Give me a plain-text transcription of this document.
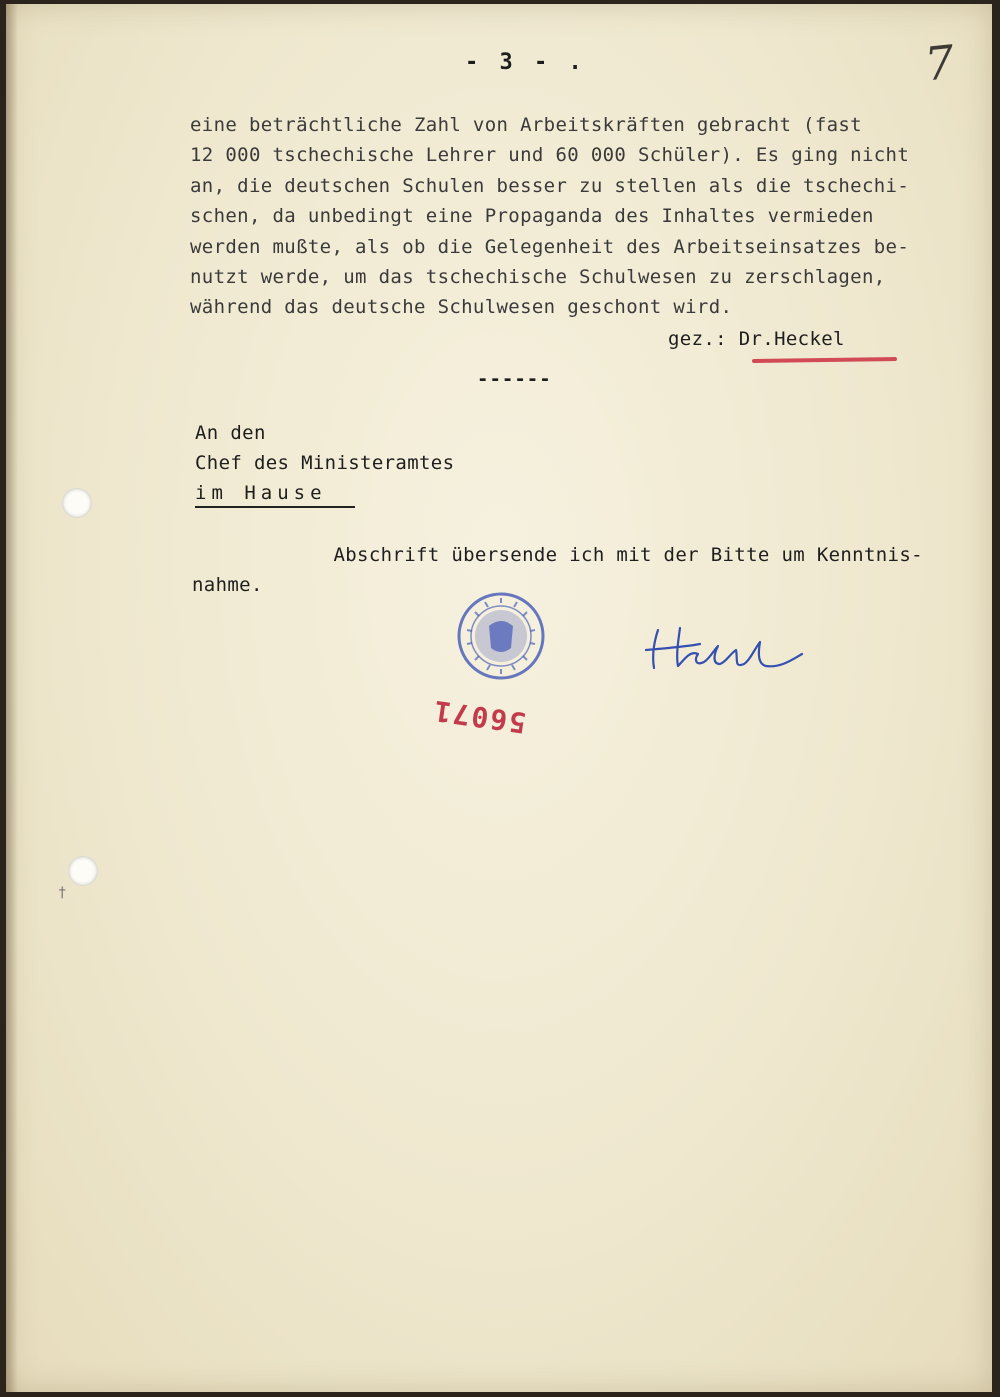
- 3 - .	7

eine beträchtliche Zahl von Arbeitskräften gebracht (fast
12 000 tschechische Lehrer und 60 000 Schüler). Es ging nicht
an, die deutschen Schulen besser zu stellen als die tschechi-
schen, da unbedingt eine Propaganda des Inhaltes vermieden
werden mußte, als ob die Gelegenheit des Arbeitseinsatzes be-
nutzt werde, um das tschechische Schulwesen zu zerschlagen,
während das deutsche Schulwesen geschont wird.

gez.: Dr.Heckel

------

An den

Chef des Ministeramtes

im Hause

Abschrift übersende ich mit der Bitte um Kenntnis-
nahme.

56071

†
